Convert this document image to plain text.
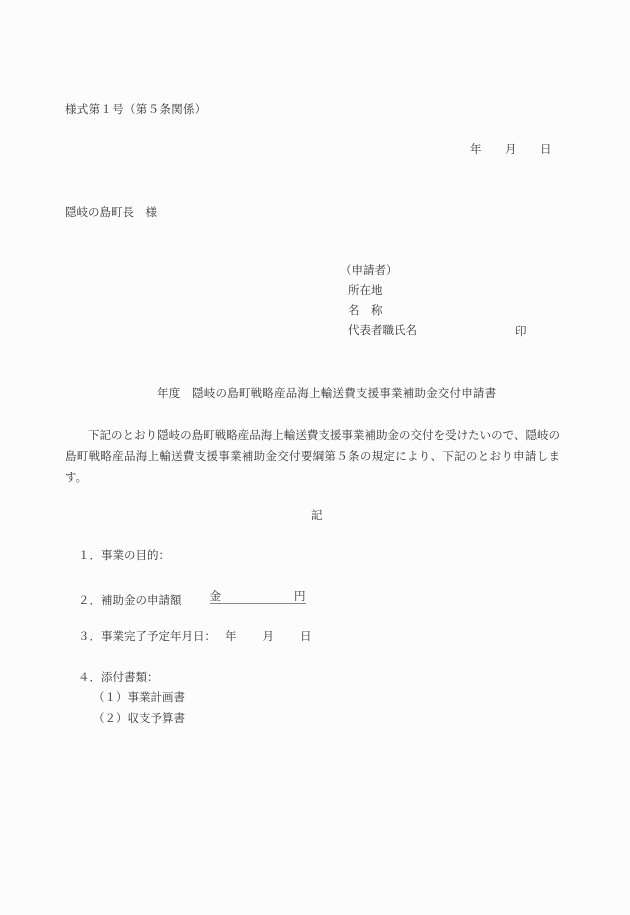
様式第１号（第５条関係）
年 月 日
隠岐の島町長　様
（申請者）
所在地
名　称
代表者職氏名	印
年度　隠岐の島町戦略産品海上輸送費支援事業補助金交付申請書
下記のとおり隠岐の島町戦略産品海上輸送費支援事業補助金の交付を受けたいので、隠岐の島町戦略産品海上輸送費支援事業補助金交付要綱第５条の規定により、下記のとおり申請します。
記
１．事業の目的：
２．補助金の申請額 金	円
３．事業完了予定年月日： 年 月 日
４．添付書類：
（１）事業計画書
（２）収支予算書
